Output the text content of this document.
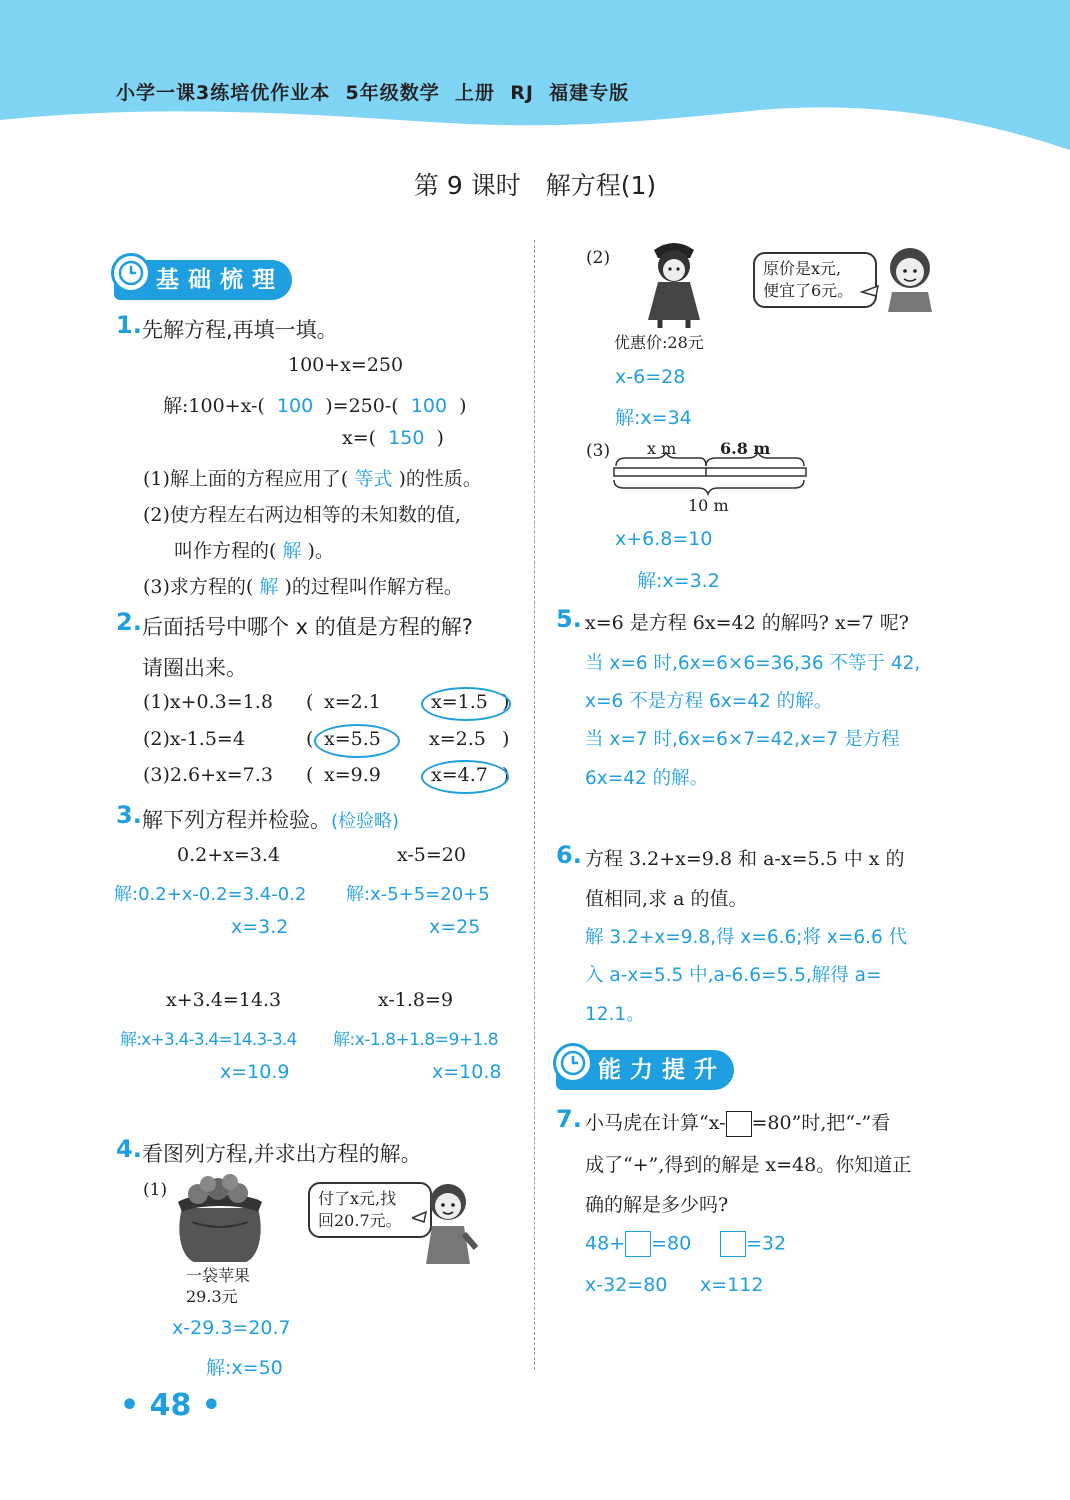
小学一课3练培优作业本 5年级数学 上册 RJ 福建专版
第 9 课时　解方程(1)
基础梳理
1. 先解方程,再填一填。
100+x=250
解:100+x-( 100 )=250-( 100 )
x=( 150 )
(1)解上面的方程应用了( 等式 )的性质。
(2)使方程左右两边相等的未知数的值,
叫作方程的( 解 )。
(3)求方程的( 解 )的过程叫作解方程。
2. 后面括号中哪个 x 的值是方程的解?
请圈出来。
(1)x+0.3=1.8 ( x=2.1	x=1.5 )
(2)x-1.5=4	( x=5.5	x=2.5 )
(3)2.6+x=7.3 ( x=9.9	x=4.7 )
3. 解下列方程并检验。(检验略)
0.2+x=3.4	x-5=20
解:0.2+x-0.2=3.4-0.2 解:x-5+5=20+5
x=3.2	x=25
x+3.4=14.3	x-1.8=9
解:x+3.4-3.4=14.3-3.4 解:x-1.8+1.8=9+1.8
x=10.9	x=10.8
4. 看图列方程,并求出方程的解。
(1)
一袋苹果
29.3元
付了x元,找
回20.7元。
x-29.3=20.7
解:x=50
• 48 •
(2)
原价是x元,
便宜了6元。
优惠价:28元
x-6=28
解:x=34
(3) x m	6.8 m
10 m
x+6.8=10
解:x=3.2
5. x=6 是方程 6x=42 的解吗? x=7 呢?
当 x=6 时,6x=6×6=36,36 不等于 42,
x=6 不是方程 6x=42 的解。
当 x=7 时,6x=6×7=42,x=7 是方程
6x=42 的解。
6. 方程 3.2+x=9.8 和 a-x=5.5 中 x 的
值相同,求 a 的值。
解 3.2+x=9.8,得 x=6.6;将 x=6.6 代
入 a-x=5.5 中,a-6.6=5.5,解得 a=
12.1。
能力提升
7. 小马虎在计算“x- =80”时,把“-”看
成了“+”,得到的解是 x=48。你知道正
确的解是多少吗?
48+ =80	=32
x-32=80 x=112
